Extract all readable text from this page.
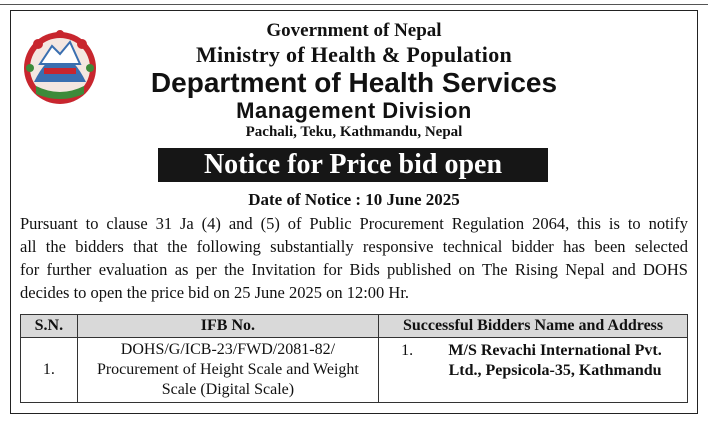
Government of Nepal
Ministry of Health & Population
Department of Health Services
Management Division
Pachali, Teku, Kathmandu, Nepal
Notice for Price bid open
Date of Notice : 10 June 2025
Pursuant to clause 31 Ja (4) and (5) of Public Procurement Regulation 2064, this is to notify
all the bidders that the following substantially responsive technical bidder has been selected
for further evaluation as per the Invitation for Bids published on The Rising Nepal and DOHS
decides to open the price bid on 25 June 2025 on 12:00 Hr.
S.N.	IFB No.	Successful Bidders Name and Address
1.	DOHS/G/ICB-23/FWD/2081-82/ Procurement of Height Scale and Weight Scale (Digital Scale)	1. M/S Revachi International Pvt. Ltd., Pepsicola-35, Kathmandu
